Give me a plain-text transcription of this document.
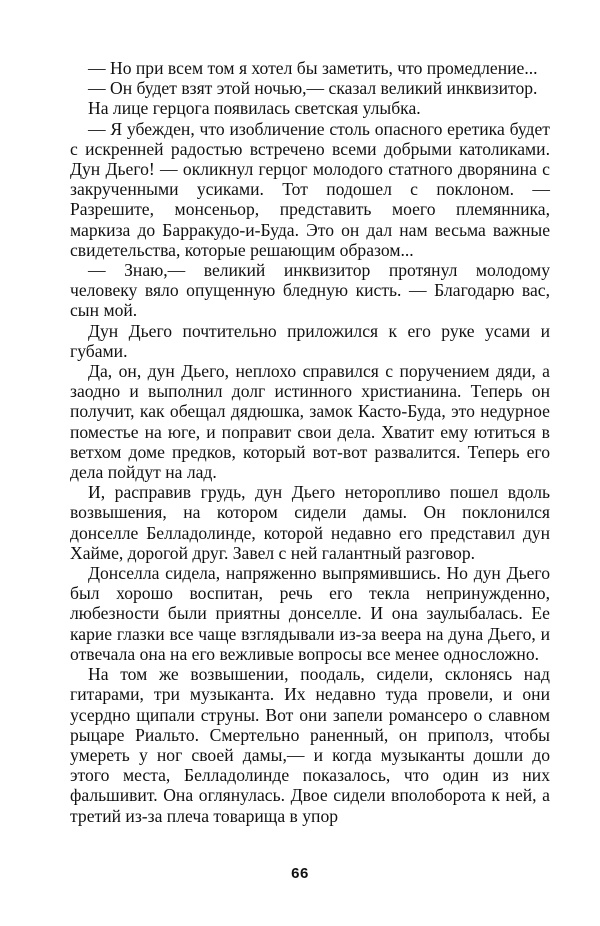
— Но при всем том я хотел бы заметить, что промедление...

— Он будет взят этой ночью,— сказал великий инквизитор.

На лице герцога появилась светская улыбка.

— Я убежден, что изобличение столь опасного еретика будет с искренней радостью встречено всеми добрыми католиками. Дун Дьего! — окликнул герцог молодого статного дворянина с закрученными усиками. Тот подошел с поклоном. — Разрешите, монсеньор, представить моего племянника, маркиза до Барракудо-и-Буда. Это он дал нам весьма важные свидетельства, которые решающим образом...

— Знаю,— великий инквизитор протянул молодому человеку вяло опущенную бледную кисть. — Благодарю вас, сын мой.

Дун Дьего почтительно приложился к его руке усами и губами.

Да, он, дун Дьего, неплохо справился с поручением дяди, а заодно и выполнил долг истинного христианина. Теперь он получит, как обещал дядюшка, замок Касто-Буда, это недурное поместье на юге, и поправит свои дела. Хватит ему ютиться в ветхом доме предков, который вот-вот развалится. Теперь его дела пойдут на лад.

И, расправив грудь, дун Дьего неторопливо пошел вдоль возвышения, на котором сидели дамы. Он поклонился донселле Белладолинде, которой недавно его представил дун Хайме, дорогой друг. Завел с ней галантный разговор.

Донселла сидела, напряженно выпрямившись. Но дун Дьего был хорошо воспитан, речь его текла непринужденно, любезности были приятны донселле. И она заулыбалась. Ее карие глазки все чаще взглядывали из-за веера на дуна Дьего, и отвечала она на его вежливые вопросы все менее односложно.

На том же возвышении, поодаль, сидели, склонясь над гитарами, три музыканта. Их недавно туда провели, и они усердно щипали струны. Вот они запели романсеро о славном рыцаре Риальто. Смертельно раненный, он приполз, чтобы умереть у ног своей дамы,— и когда музыканты дошли до этого места, Белладолинде показалось, что один из них фальшивит. Она оглянулась. Двое сидели вполоборота к ней, а третий из-за плеча товарища в упор

66
